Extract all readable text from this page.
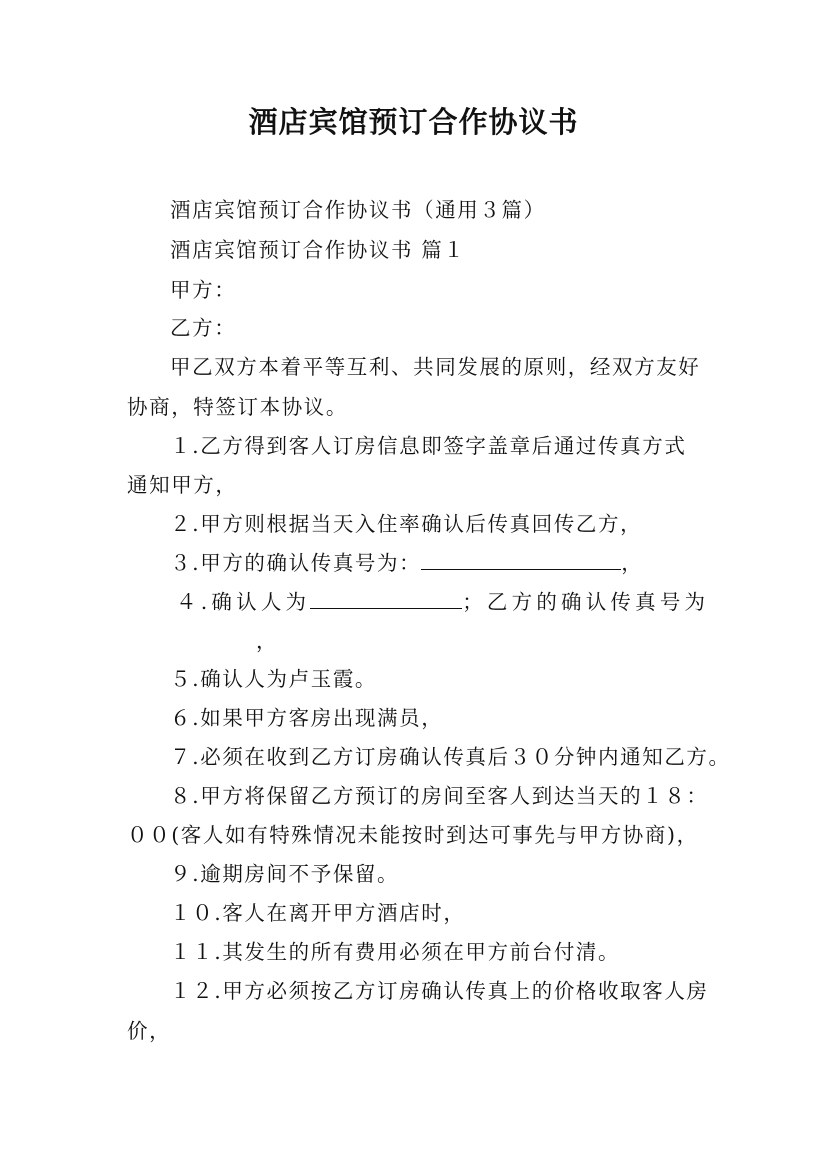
酒店宾馆预订合作协议书
酒店宾馆预订合作协议书（通用３篇）
酒店宾馆预订合作协议书 篇１
甲方：
乙方：
甲乙双方本着平等互利、共同发展的原则，经双方友好
协商，特签订本协议。
１.乙方得到客人订房信息即签字盖章后通过传真方式
通知甲方，
２.甲方则根据当天入住率确认后传真回传乙方，
３.甲方的确认传真号为：	，
４.确认人为	；乙方的确认传真号为
，
５.确认人为卢玉霞。
６.如果甲方客房出现满员，
７.必须在收到乙方订房确认传真后３０分钟内通知乙方。
８.甲方将保留乙方预订的房间至客人到达当天的１８：
００(客人如有特殊情况未能按时到达可事先与甲方协商)，
９.逾期房间不予保留。
１０.客人在离开甲方酒店时，
１１.其发生的所有费用必须在甲方前台付清。
１２.甲方必须按乙方订房确认传真上的价格收取客人房
价，
